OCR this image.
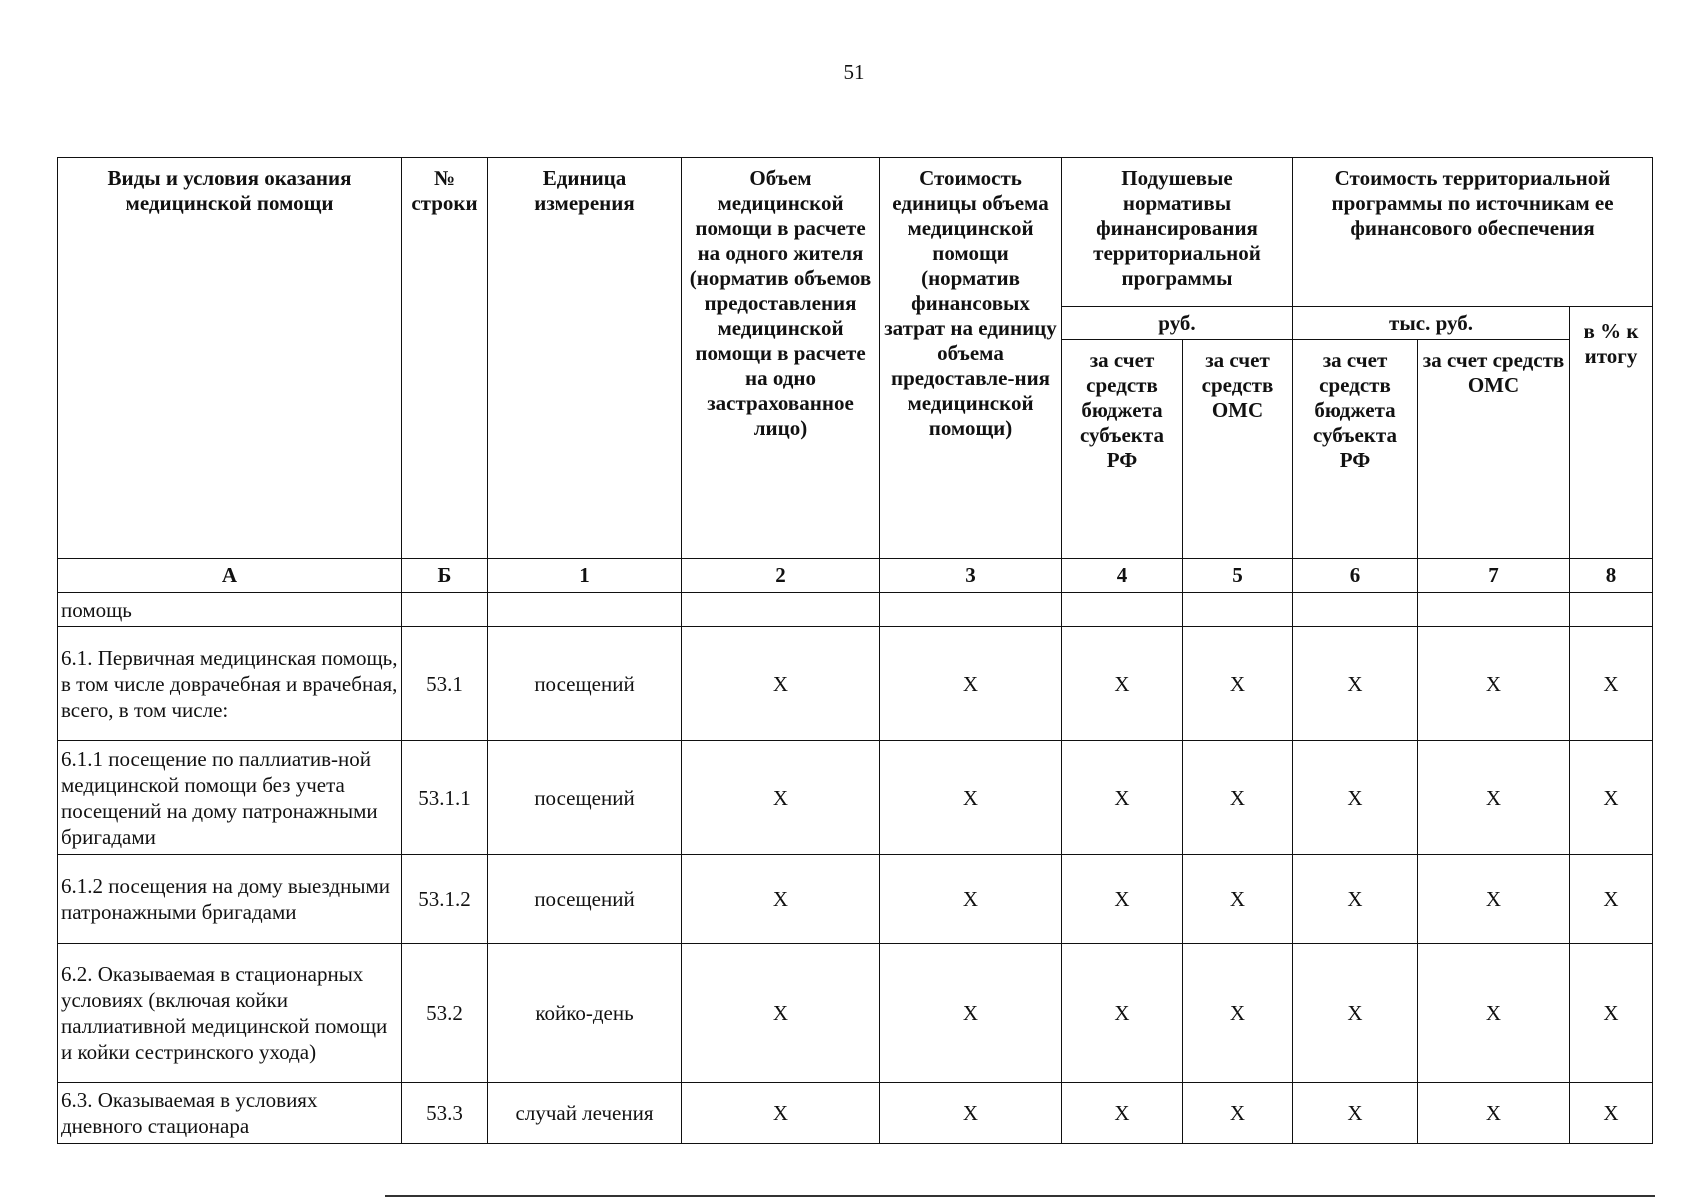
51
Виды и условия оказания медицинской помощи	№ строки	Единица измерения	Объем медицинской помощи в расчете на одного жителя (норматив объемов предоставления медицинской помощи в расчете на одно застрахованное лицо)	Стоимость единицы объема медицинской помощи (норматив финансовых затрат на единицу объема предоставле-ния медицинской помощи)	Подушевые нормативы финансирования территориальной программы		Стоимость территориальной программы по источникам ее финансового обеспечения		
					руб.		тыс. руб.		в % к итогу
					за счет средств бюджета субъекта РФ	за счет средств ОМС	за счет средств бюджета субъекта РФ	за счет средств ОМС	
А	Б	1	2	3	4	5	6	7	8
помощь									
6.1. Первичная медицинская помощь, в том числе доврачебная и врачебная, всего, в том числе:	53.1	посещений	X	X	X	X	X	X	X
6.1.1 посещение по паллиатив-ной медицинской помощи без учета посещений на дому патронажными бригадами	53.1.1	посещений	X	X	X	X	X	X	X
6.1.2 посещения на дому выездными патронажными бригадами	53.1.2	посещений	X	X	X	X	X	X	X
6.2. Оказываемая в стационарных условиях (включая койки паллиативной медицинской помощи и койки сестринского ухода)	53.2	койко-день	X	X	X	X	X	X	X
6.3. Оказываемая в условиях дневного стационара	53.3	случай лечения	X	X	X	X	X	X	X
